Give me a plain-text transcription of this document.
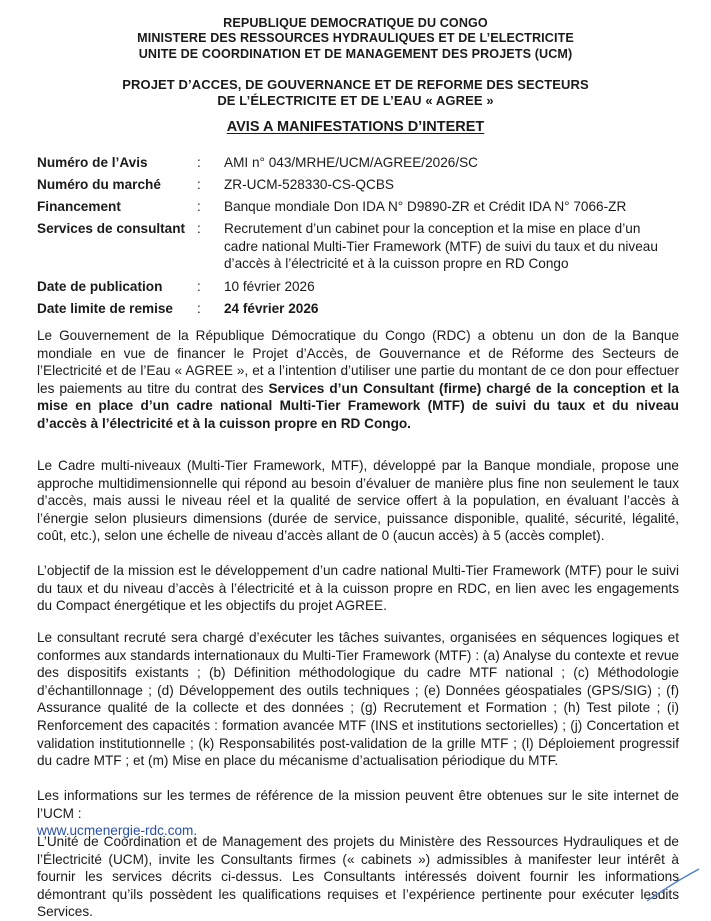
REPUBLIQUE DEMOCRATIQUE DU CONGO
MINISTERE DES RESSOURCES HYDRAULIQUES ET DE L’ELECTRICITE
UNITE DE COORDINATION ET DE MANAGEMENT DES PROJETS (UCM)
PROJET D’ACCES, DE GOUVERNANCE ET DE REFORME DES SECTEURS
DE L’ÉLECTRICITE ET DE L’EAU « AGREE »
AVIS A MANIFESTATIONS D’INTERET
Numéro de l’Avis	:	AMI n° 043/MRHE/UCM/AGREE/2026/SC
Numéro du marché	:	ZR-UCM-528330-CS-QCBS
Financement	:	Banque mondiale Don IDA N° D9890-ZR et Crédit IDA N° 7066-ZR
Services de consultant	:	Recrutement d’un cabinet pour la conception et la mise en place d’un cadre national Multi-Tier Framework (MTF) de suivi du taux et du niveau d’accès à l’électricité et à la cuisson propre en RD Congo
Date de publication	:	10 février 2026
Date limite de remise	:	24 février 2026
Le Gouvernement de la République Démocratique du Congo (RDC) a obtenu un don de la Banque mondiale en vue de financer le Projet d’Accès, de Gouvernance et de Réforme des Secteurs de l’Electricité et de l’Eau « AGREE », et a l’intention d’utiliser une partie du montant de ce don pour effectuer les paiements au titre du contrat des Services d’un Consultant (firme) chargé de la conception et la mise en place d’un cadre national Multi-Tier Framework (MTF) de suivi du taux et du niveau d’accès à l’électricité et à la cuisson propre en RD Congo.
Le Cadre multi-niveaux (Multi-Tier Framework, MTF), développé par la Banque mondiale, propose une approche multidimensionnelle qui répond au besoin d’évaluer de manière plus fine non seulement le taux d’accès, mais aussi le niveau réel et la qualité de service offert à la population, en évaluant l’accès à l’énergie selon plusieurs dimensions (durée de service, puissance disponible, qualité, sécurité, légalité, coût, etc.), selon une échelle de niveau d’accès allant de 0 (aucun accès) à 5 (accès complet).
L’objectif de la mission est le développement d’un cadre national Multi-Tier Framework (MTF) pour le suivi du taux et du niveau d’accès à l’électricité et à la cuisson propre en RDC, en lien avec les engagements du Compact énergétique et les objectifs du projet AGREE.
Le consultant recruté sera chargé d’exécuter les tâches suivantes, organisées en séquences logiques et conformes aux standards internationaux du Multi-Tier Framework (MTF) : (a) Analyse du contexte et revue des dispositifs existants ; (b) Définition méthodologique du cadre MTF national ; (c) Méthodologie d’échantillonnage ; (d) Développement des outils techniques ; (e) Données géospatiales (GPS/SIG) ; (f) Assurance qualité de la collecte et des données ; (g) Recrutement et Formation ; (h) Test pilote ; (i) Renforcement des capacités : formation avancée MTF (INS et institutions sectorielles) ; (j) Concertation et validation institutionnelle ; (k) Responsabilités post-validation de la grille MTF ; (l) Déploiement progressif du cadre MTF ; et (m) Mise en place du mécanisme d’actualisation périodique du MTF.
Les informations sur les termes de référence de la mission peuvent être obtenues sur le site internet de l’UCM :
www.ucmenergie-rdc.com.
L’Unité de Coordination et de Management des projets du Ministère des Ressources Hydrauliques et de l’Électricité (UCM), invite les Consultants firmes (« cabinets ») admissibles à manifester leur intérêt à fournir les services décrits ci-dessus. Les Consultants intéressés doivent fournir les informations démontrant qu’ils possèdent les qualifications requises et l’expérience pertinente pour exécuter lesdits Services.
